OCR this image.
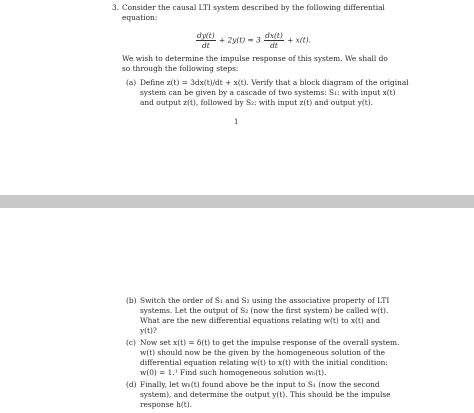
3. Consider the causal LTI system described by the following differential
equation:
$\frac{dy(t)}{dt} + 2y(t) = 3 \frac{dx(t)}{dt} + x(t)$.
We wish to determine the impulse response of this system. We shall do
so through the following steps:
(a) Define z(t) = 3dx(t)/dt + x(t). Verify that a block diagram of the original
system can be given by a cascade of two systems: S₁: with input x(t)
and output z(t), followed by S₂: with input z(t) and output y(t).
1
(b) Switch the order of S₁ and S₂ using the associative property of LTI
systems. Let the output of S₂ (now the first system) be called w(t).
What are the new differential equations relating w(t) to x(t) and
y(t)?
(c) Now set x(t) = δ(t) to get the impulse response of the overall system.
w(t) should now be the given by the homogeneous solution of the
differential equation relating w(t) to x(t) with the initial condition:
w(0) = 1.¹ Find such homogeneous solution wₕ(t).
(d) Finally, let wₕ(t) found above be the input to S₁ (now the second
system), and determine the output y(t). This should be the impulse
response h(t).
